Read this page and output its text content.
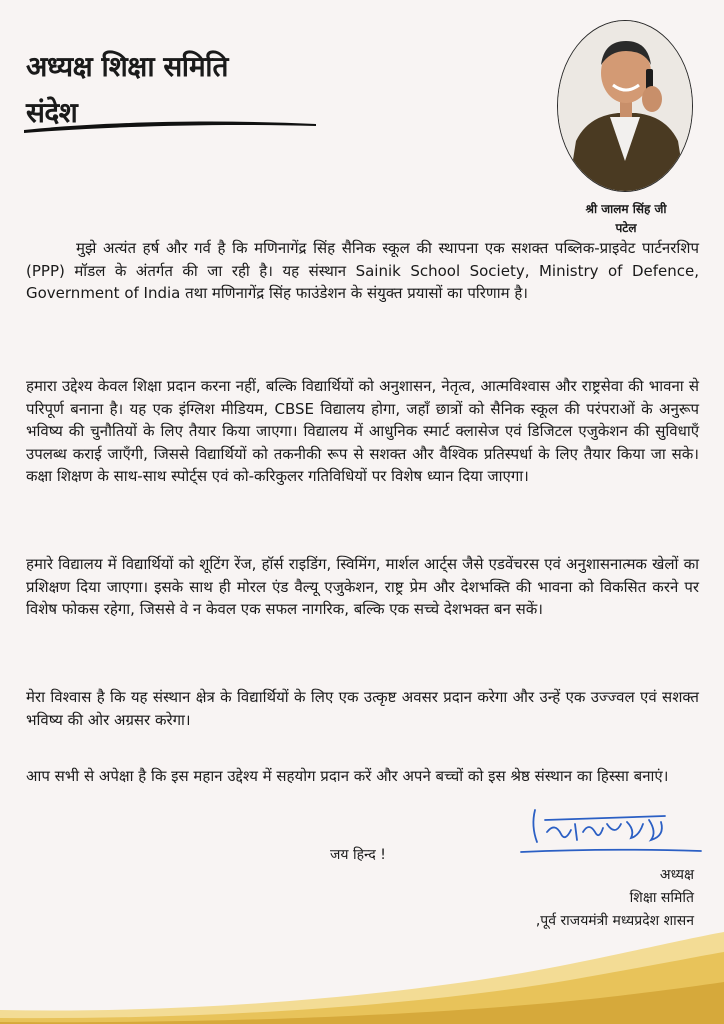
अध्यक्ष शिक्षा समिति
संदेश
श्री जालम सिंह जी
पटेल

मुझे अत्यंत हर्ष और गर्व है कि मणिनागेंद्र सिंह सैनिक स्कूल की स्थापना एक सशक्त पब्लिक-प्राइवेट पार्टनरशिप (PPP) मॉडल के अंतर्गत की जा रही है। यह संस्थान Sainik School Society, Ministry of Defence, Government of India तथा मणिनागेंद्र सिंह फाउंडेशन के संयुक्त प्रयासों का परिणाम है।

हमारा उद्देश्य केवल शिक्षा प्रदान करना नहीं, बल्कि विद्यार्थियों को अनुशासन, नेतृत्व, आत्मविश्वास और राष्ट्रसेवा की भावना से परिपूर्ण बनाना है। यह एक इंग्लिश मीडियम, CBSE विद्यालय होगा, जहाँ छात्रों को सैनिक स्कूल की परंपराओं के अनुरूप भविष्य की चुनौतियों के लिए तैयार किया जाएगा। विद्यालय में आधुनिक स्मार्ट क्लासेज एवं डिजिटल एजुकेशन की सुविधाएँ उपलब्ध कराई जाएँगी, जिससे विद्यार्थियों को तकनीकी रूप से सशक्त और वैश्विक प्रतिस्पर्धा के लिए तैयार किया जा सके। कक्षा शिक्षण के साथ-साथ स्पोर्ट्स एवं को-करिकुलर गतिविधियों पर विशेष ध्यान दिया जाएगा।

हमारे विद्यालय में विद्यार्थियों को शूटिंग रेंज, हॉर्स राइडिंग, स्विमिंग, मार्शल आर्ट्स जैसे एडवेंचरस एवं अनुशासनात्मक खेलों का प्रशिक्षण दिया जाएगा। इसके साथ ही मोरल एंड वैल्यू एजुकेशन, राष्ट्र प्रेम और देशभक्ति की भावना को विकसित करने पर विशेष फोकस रहेगा, जिससे वे न केवल एक सफल नागरिक, बल्कि एक सच्चे देशभक्त बन सकें।

मेरा विश्वास है कि यह संस्थान क्षेत्र के विद्यार्थियों के लिए एक उत्कृष्ट अवसर प्रदान करेगा और उन्हें एक उज्ज्वल एवं सशक्त भविष्य की ओर अग्रसर करेगा।

आप सभी से अपेक्षा है कि इस महान उद्देश्य में सहयोग प्रदान करें और अपने बच्चों को इस श्रेष्ठ संस्थान का हिस्सा बनाएं।

जय हिन्द !
अध्यक्ष
शिक्षा समिति
,पूर्व राजयमंत्री मध्यप्रदेश शासन
